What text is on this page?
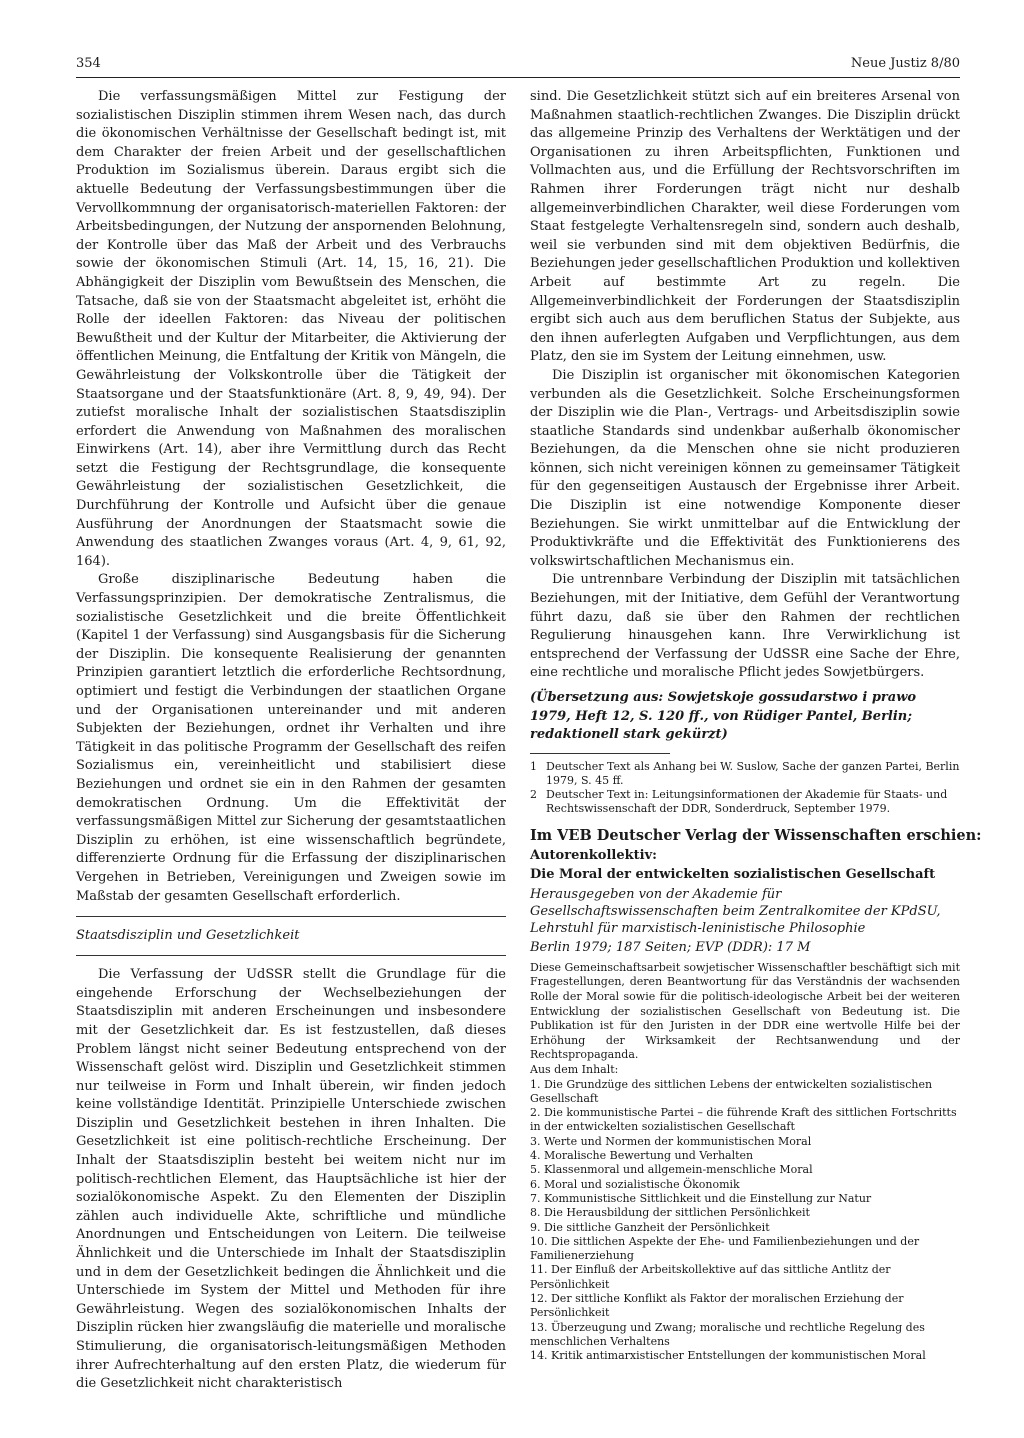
354	Neue Justiz 8/80

Die verfassungsmäßigen Mittel zur Festigung der sozialistischen Disziplin stimmen ihrem Wesen nach, das durch die ökonomischen Verhältnisse der Gesellschaft bedingt ist, mit dem Charakter der freien Arbeit und der gesellschaftlichen Produktion im Sozialismus überein. Daraus ergibt sich die aktuelle Bedeutung der Verfassungsbestimmungen über die Vervollkommnung der organisatorisch-materiellen Faktoren: der Arbeitsbedingungen, der Nutzung der anspornenden Belohnung, der Kontrolle über das Maß der Arbeit und des Verbrauchs sowie der ökonomischen Stimuli (Art. 14, 15, 16, 21). Die Abhängigkeit der Disziplin vom Bewußtsein des Menschen, die Tatsache, daß sie von der Staatsmacht abgeleitet ist, erhöht die Rolle der ideellen Faktoren: das Niveau der politischen Bewußtheit und der Kultur der Mitarbeiter, die Aktivierung der öffentlichen Meinung, die Entfaltung der Kritik von Mängeln, die Gewährleistung der Volkskontrolle über die Tätigkeit der Staatsorgane und der Staatsfunktionäre (Art. 8, 9, 49, 94). Der zutiefst moralische Inhalt der sozialistischen Staatsdisziplin erfordert die Anwendung von Maßnahmen des moralischen Einwirkens (Art. 14), aber ihre Vermittlung durch das Recht setzt die Festigung der Rechtsgrundlage, die konsequente Gewährleistung der sozialistischen Gesetzlichkeit, die Durchführung der Kontrolle und Aufsicht über die genaue Ausführung der Anordnungen der Staatsmacht sowie die Anwendung des staatlichen Zwanges voraus (Art. 4, 9, 61, 92, 164).

Große disziplinarische Bedeutung haben die Verfassungsprinzipien. Der demokratische Zentralismus, die sozialistische Gesetzlichkeit und die breite Öffentlichkeit (Kapitel 1 der Verfassung) sind Ausgangsbasis für die Sicherung der Disziplin. Die konsequente Realisierung der genannten Prinzipien garantiert letztlich die erforderliche Rechtsordnung, optimiert und festigt die Verbindungen der staatlichen Organe und der Organisationen untereinander und mit anderen Subjekten der Beziehungen, ordnet ihr Verhalten und ihre Tätigkeit in das politische Programm der Gesellschaft des reifen Sozialismus ein, vereinheitlicht und stabilisiert diese Beziehungen und ordnet sie ein in den Rahmen der gesamten demokratischen Ordnung. Um die Effektivität der verfassungsmäßigen Mittel zur Sicherung der gesamtstaatlichen Disziplin zu erhöhen, ist eine wissenschaftlich begründete, differenzierte Ordnung für die Erfassung der disziplinarischen Vergehen in Betrieben, Vereinigungen und Zweigen sowie im Maßstab der gesamten Gesellschaft erforderlich.

Staatsdisziplin und Gesetzlichkeit

Die Verfassung der UdSSR stellt die Grundlage für die eingehende Erforschung der Wechselbeziehungen der Staatsdisziplin mit anderen Erscheinungen und insbesondere mit der Gesetzlichkeit dar. Es ist festzustellen, daß dieses Problem längst nicht seiner Bedeutung entsprechend von der Wissenschaft gelöst wird. Disziplin und Gesetzlichkeit stimmen nur teilweise in Form und Inhalt überein, wir finden jedoch keine vollständige Identität. Prinzipielle Unterschiede zwischen Disziplin und Gesetzlichkeit bestehen in ihren Inhalten. Die Gesetzlichkeit ist eine politisch-rechtliche Erscheinung. Der Inhalt der Staatsdisziplin besteht bei weitem nicht nur im politisch-rechtlichen Element, das Hauptsächliche ist hier der sozialökonomische Aspekt. Zu den Elementen der Disziplin zählen auch individuelle Akte, schriftliche und mündliche Anordnungen und Entscheidungen von Leitern. Die teilweise Ähnlichkeit und die Unterschiede im Inhalt der Staatsdisziplin und in dem der Gesetzlichkeit bedingen die Ähnlichkeit und die Unterschiede im System der Mittel und Methoden für ihre Gewährleistung. Wegen des sozialökonomischen Inhalts der Disziplin rücken hier zwangsläufig die materielle und moralische Stimulierung, die organisatorisch-leitungsmäßigen Methoden ihrer Aufrechterhaltung auf den ersten Platz, die wiederum für die Gesetzlichkeit nicht charakteristisch

sind. Die Gesetzlichkeit stützt sich auf ein breiteres Arsenal von Maßnahmen staatlich-rechtlichen Zwanges. Die Disziplin drückt das allgemeine Prinzip des Verhaltens der Werktätigen und der Organisationen zu ihren Arbeitspflichten, Funktionen und Vollmachten aus, und die Erfüllung der Rechtsvorschriften im Rahmen ihrer Forderungen trägt nicht nur deshalb allgemeinverbindlichen Charakter, weil diese Forderungen vom Staat festgelegte Verhaltensregeln sind, sondern auch deshalb, weil sie verbunden sind mit dem objektiven Bedürfnis, die Beziehungen jeder gesellschaftlichen Produktion und kollektiven Arbeit auf bestimmte Art zu regeln. Die Allgemeinverbindlichkeit der Forderungen der Staatsdisziplin ergibt sich auch aus dem beruflichen Status der Subjekte, aus den ihnen auferlegten Aufgaben und Verpflichtungen, aus dem Platz, den sie im System der Leitung einnehmen, usw.

Die Disziplin ist organischer mit ökonomischen Kategorien verbunden als die Gesetzlichkeit. Solche Erscheinungsformen der Disziplin wie die Plan-, Vertrags- und Arbeitsdisziplin sowie staatliche Standards sind undenkbar außerhalb ökonomischer Beziehungen, da die Menschen ohne sie nicht produzieren können, sich nicht vereinigen können zu gemeinsamer Tätigkeit für den gegenseitigen Austausch der Ergebnisse ihrer Arbeit. Die Disziplin ist eine notwendige Komponente dieser Beziehungen. Sie wirkt unmittelbar auf die Entwicklung der Produktivkräfte und die Effektivität des Funktionierens des volkswirtschaftlichen Mechanismus ein.

Die untrennbare Verbindung der Disziplin mit tatsächlichen Beziehungen, mit der Initiative, dem Gefühl der Verantwortung führt dazu, daß sie über den Rahmen der rechtlichen Regulierung hinausgehen kann. Ihre Verwirklichung ist entsprechend der Verfassung der UdSSR eine Sache der Ehre, eine rechtliche und moralische Pflicht jedes Sowjetbürgers.

(Übersetzung aus: Sowjetskoje gossudarstwo i prawo 1979, Heft 12, S. 120 ff., von Rüdiger Pantel, Berlin; redaktionell stark gekürzt)

1 Deutscher Text als Anhang bei W. Suslow, Sache der ganzen Partei, Berlin 1979, S. 45 ff.
2 Deutscher Text in: Leitungsinformationen der Akademie für Staats- und Rechtswissenschaft der DDR, Sonderdruck, September 1979.
Im VEB Deutscher Verlag der Wissenschaften erschien:
Autorenkollektiv:
Die Moral der entwickelten sozialistischen Gesellschaft
Herausgegeben von der Akademie für Gesellschaftswissenschaften beim Zentralkomitee der KPdSU, Lehrstuhl für marxistisch-leninistische Philosophie
Berlin 1979; 187 Seiten; EVP (DDR): 17 M

Diese Gemeinschaftsarbeit sowjetischer Wissenschaftler beschäftigt sich mit Fragestellungen, deren Beantwortung für das Verständnis der wachsenden Rolle der Moral sowie für die politisch-ideologische Arbeit bei der weiteren Entwicklung der sozialistischen Gesellschaft von Bedeutung ist. Die Publikation ist für den Juristen in der DDR eine wertvolle Hilfe bei der Erhöhung der Wirksamkeit der Rechtsanwendung und der Rechtspropaganda.

Aus dem Inhalt:
1. Die Grundzüge des sittlichen Lebens der entwickelten sozialistischen Gesellschaft
2. Die kommunistische Partei – die führende Kraft des sittlichen Fortschritts in der entwickelten sozialistischen Gesellschaft
3. Werte und Normen der kommunistischen Moral
4. Moralische Bewertung und Verhalten
5. Klassenmoral und allgemein-menschliche Moral
6. Moral und sozialistische Ökonomik
7. Kommunistische Sittlichkeit und die Einstellung zur Natur
8. Die Herausbildung der sittlichen Persönlichkeit
9. Die sittliche Ganzheit der Persönlichkeit
10. Die sittlichen Aspekte der Ehe- und Familienbeziehungen und der Familienerziehung
11. Der Einfluß der Arbeitskollektive auf das sittliche Antlitz der Persönlichkeit
12. Der sittliche Konflikt als Faktor der moralischen Erziehung der Persönlichkeit
13. Überzeugung und Zwang; moralische und rechtliche Regelung des menschlichen Verhaltens
14. Kritik antimarxistischer Entstellungen der kommunistischen Moral
